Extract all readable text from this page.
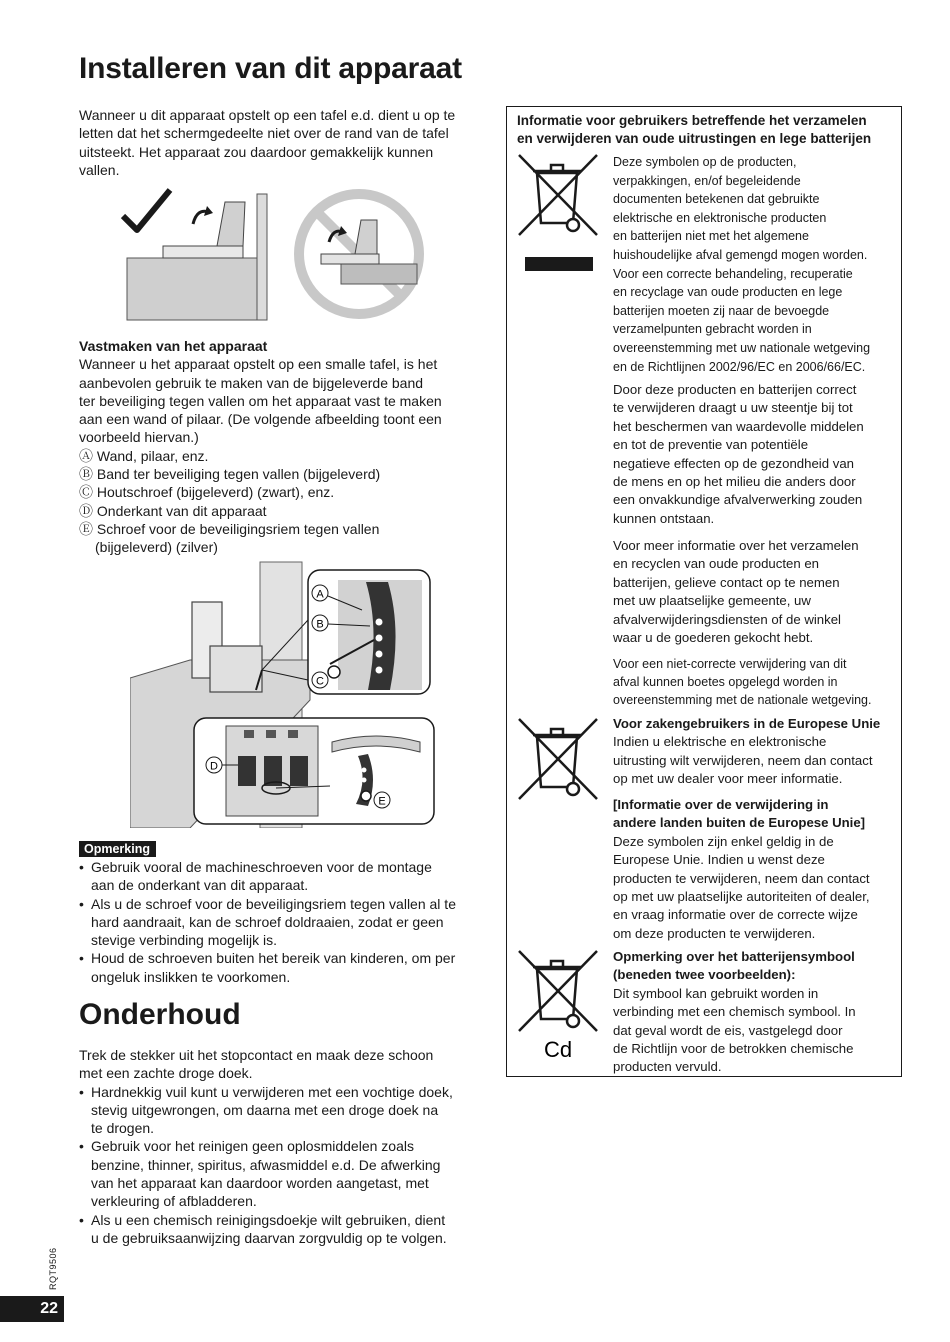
Installeren van dit apparaat
Wanneer u dit apparaat opstelt op een tafel e.d. dient u op te
letten dat het schermgedeelte niet over de rand van de tafel
uitsteekt. Het apparaat zou daardoor gemakkelijk kunnen
vallen.
Vastmaken van het apparaat
Wanneer u het apparaat opstelt op een smalle tafel, is het
aanbevolen gebruik te maken van de bijgeleverde band
ter beveiliging tegen vallen om het apparaat vast te maken
aan een wand of pilaar. (De volgende afbeelding toont een
voorbeeld hiervan.)
Ⓐ Wand, pilaar, enz.
Ⓑ Band ter beveiliging tegen vallen (bijgeleverd)
Ⓒ Houtschroef (bijgeleverd) (zwart), enz.
Ⓓ Onderkant van dit apparaat
Ⓔ Schroef voor de beveiligingsriem tegen vallen
(bijgeleverd) (zilver)
A
B
C
D
E
Opmerking
• Gebruik vooral de machineschroeven voor de montage
aan de onderkant van dit apparaat.
• Als u de schroef voor de beveiligingsriem tegen vallen al te
hard aandraait, kan de schroef doldraaien, zodat er geen
stevige verbinding mogelijk is.
• Houd de schroeven buiten het bereik van kinderen, om per
ongeluk inslikken te voorkomen.
Onderhoud
Trek de stekker uit het stopcontact en maak deze schoon
met een zachte droge doek.
• Hardnekkig vuil kunt u verwijderen met een vochtige doek,
stevig uitgewrongen, om daarna met een droge doek na
te drogen.
• Gebruik voor het reinigen geen oplosmiddelen zoals
benzine, thinner, spiritus, afwasmiddel e.d. De afwerking
van het apparaat kan daardoor worden aangetast, met
verkleuring of afbladderen.
• Als u een chemisch reinigingsdoekje wilt gebruiken, dient
u de gebruiksaanwijzing daarvan zorgvuldig op te volgen.
Informatie voor gebruikers betreffende het verzamelen
en verwijderen van oude uitrustingen en lege batterijen
Deze symbolen op de producten,
verpakkingen, en/of begeleidende
documenten betekenen dat gebruikte
elektrische en elektronische producten
en batterijen niet met het algemene
huishoudelijke afval gemengd mogen worden.
Voor een correcte behandeling, recuperatie
en recyclage van oude producten en lege
batterijen moeten zij naar de bevoegde
verzamelpunten gebracht worden in
overeenstemming met uw nationale wetgeving
en de Richtlijnen 2002/96/EC en 2006/66/EC.
Door deze producten en batterijen correct
te verwijderen draagt u uw steentje bij tot
het beschermen van waardevolle middelen
en tot de preventie van potentiële
negatieve effecten op de gezondheid van
de mens en op het milieu die anders door
een onvakkundige afvalverwerking zouden
kunnen ontstaan.
Voor meer informatie over het verzamelen
en recyclen van oude producten en
batterijen, gelieve contact op te nemen
met uw plaatselijke gemeente, uw
afvalverwijderingsdiensten of de winkel
waar u de goederen gekocht hebt.
Voor een niet-correcte verwijdering van dit
afval kunnen boetes opgelegd worden in
overeenstemming met de nationale wetgeving.
Voor zakengebruikers in de Europese Unie
Indien u elektrische en elektronische
uitrusting wilt verwijderen, neem dan contact
op met uw dealer voor meer informatie.
[Informatie over de verwijdering in
andere landen buiten de Europese Unie]
Deze symbolen zijn enkel geldig in de
Europese Unie. Indien u wenst deze
producten te verwijderen, neem dan contact
op met uw plaatselijke autoriteiten of dealer,
en vraag informatie over de correcte wijze
om deze producten te verwijderen.
Cd
Opmerking over het batterijensymbool
(beneden twee voorbeelden):
Dit symbool kan gebruikt worden in
verbinding met een chemisch symbool. In
dat geval wordt de eis, vastgelegd door
de Richtlijn voor de betrokken chemische
producten vervuld.
RQT9506
22
